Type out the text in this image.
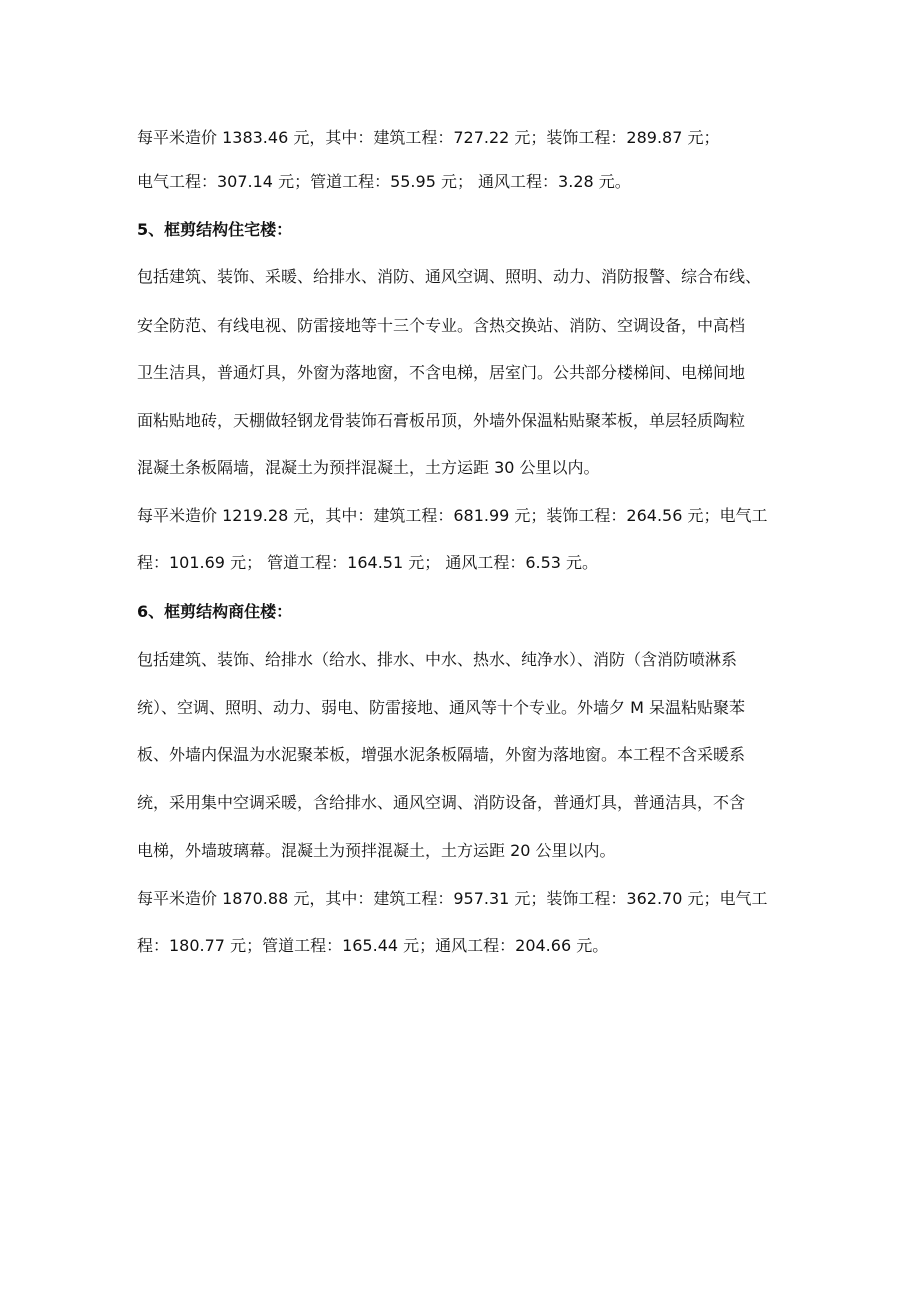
每平米造价 1383.46 元，其中：建筑工程：727.22 元；装饰工程：289.87 元；
电气工程：307.14 元；管道工程：55.95 元； 通风工程：3.28 元。
5、框剪结构住宅楼：
包括建筑、装饰、采暖、给排水、消防、通风空调、照明、动力、消防报警、综合布线、
安全防范、有线电视、防雷接地等十三个专业。含热交换站、消防、空调设备，中高档
卫生洁具，普通灯具，外窗为落地窗，不含电梯，居室门。公共部分楼梯间、电梯间地
面粘贴地砖，天棚做轻钢龙骨装饰石膏板吊顶，外墙外保温粘贴聚苯板，单层轻质陶粒
混凝土条板隔墙，混凝土为预拌混凝土，土方运距 30 公里以内。
每平米造价 1219.28 元，其中：建筑工程：681.99 元；装饰工程：264.56 元；电气工
程：101.69 元； 管道工程：164.51 元； 通风工程：6.53 元。
6、框剪结构商住楼：
包括建筑、装饰、给排水（给水、排水、中水、热水、纯净水）、消防（含消防喷淋系
统）、空调、照明、动力、弱电、防雷接地、通风等十个专业。外墙夕 M 呆温粘贴聚苯
板、外墙内保温为水泥聚苯板，增强水泥条板隔墙，外窗为落地窗。本工程不含采暖系
统，采用集中空调采暖，含给排水、通风空调、消防设备，普通灯具，普通洁具，不含
电梯，外墙玻璃幕。混凝土为预拌混凝土，土方运距 20 公里以内。
每平米造价 1870.88 元，其中：建筑工程：957.31 元；装饰工程：362.70 元；电气工
程：180.77 元；管道工程：165.44 元；通风工程：204.66 元。
